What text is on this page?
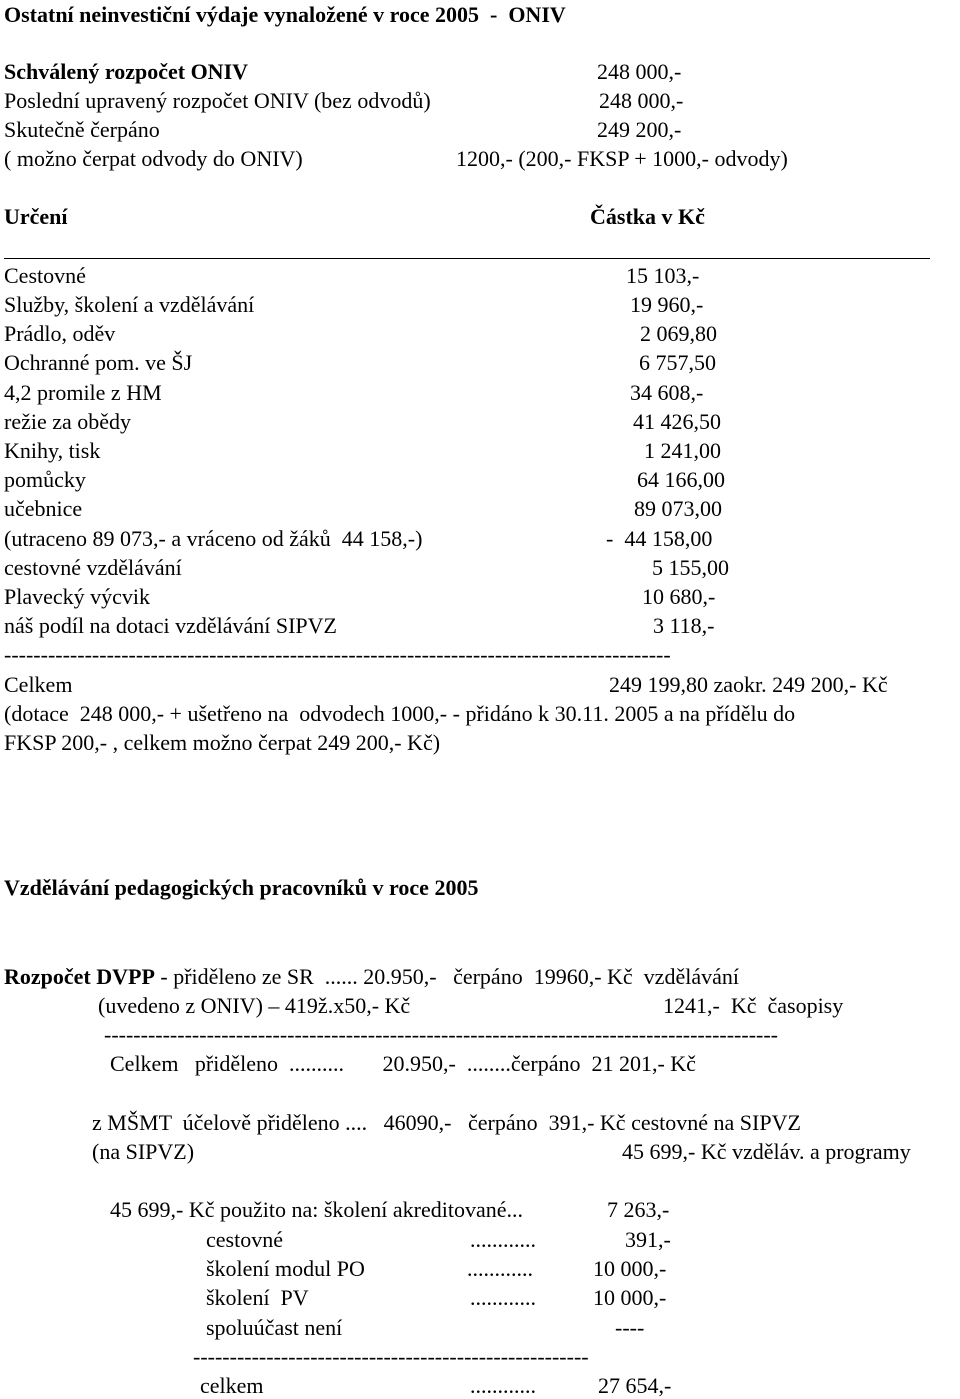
Ostatní neinvestiční výdaje vynaložené v roce 2005  -  ONIV
Schválený rozpočet ONIV	248 000,-
Poslední upravený rozpočet ONIV (bez odvodů)	248 000,-
Skutečně čerpáno	249 200,-
( možno čerpat odvody do ONIV)	1200,- (200,- FKSP + 1000,- odvody)
Určení	Částka v Kč
Cestovné	15 103,-
Služby, školení a vzdělávání	19 960,-
Prádlo, oděv	2 069,80
Ochranné pom. ve ŠJ	6 757,50
4,2 promile z HM	34 608,-
režie za obědy	41 426,50
Knihy, tisk	1 241,00
pomůcky	64 166,00
učebnice	89 073,00
(utraceno 89 073,- a vráceno od žáků  44 158,-)	-  44 158,00
cestovné vzdělávání	5 155,00
Plavecký výcvik	10 680,-
náš podíl na dotaci vzdělávání SIPVZ	3 118,-
-------------------------------------------------------------------------------------------
Celkem	249 199,80 zaokr. 249 200,- Kč
(dotace  248 000,- + ušetřeno na  odvodech 1000,- - přidáno k 30.11. 2005 a na přídělu do
FKSP 200,- , celkem možno čerpat 249 200,- Kč)
Vzdělávání pedagogických pracovníků v roce 2005
Rozpočet DVPP - přiděleno ze SR  ...... 20.950,-   čerpáno  19960,- Kč  vzdělávání
(uvedeno z ONIV) – 419ž.x50,- Kč	1241,-  Kč  časopisy
--------------------------------------------------------------------------------------------
Celkem   přiděleno  ..........       20.950,-  ........čerpáno  21 201,- Kč
z MŠMT  účelově přiděleno ....   46090,-   čerpáno  391,- Kč cestovné na SIPVZ
(na SIPVZ)	45 699,- Kč vzděláv. a programy
45 699,- Kč použito na: školení akreditované...	7 263,-
cestovné	............	391,-
školení modul PO	............	10 000,-
školení  PV	............	10 000,-
spoluúčast není	----
------------------------------------------------------
celkem	............	27 654,-
